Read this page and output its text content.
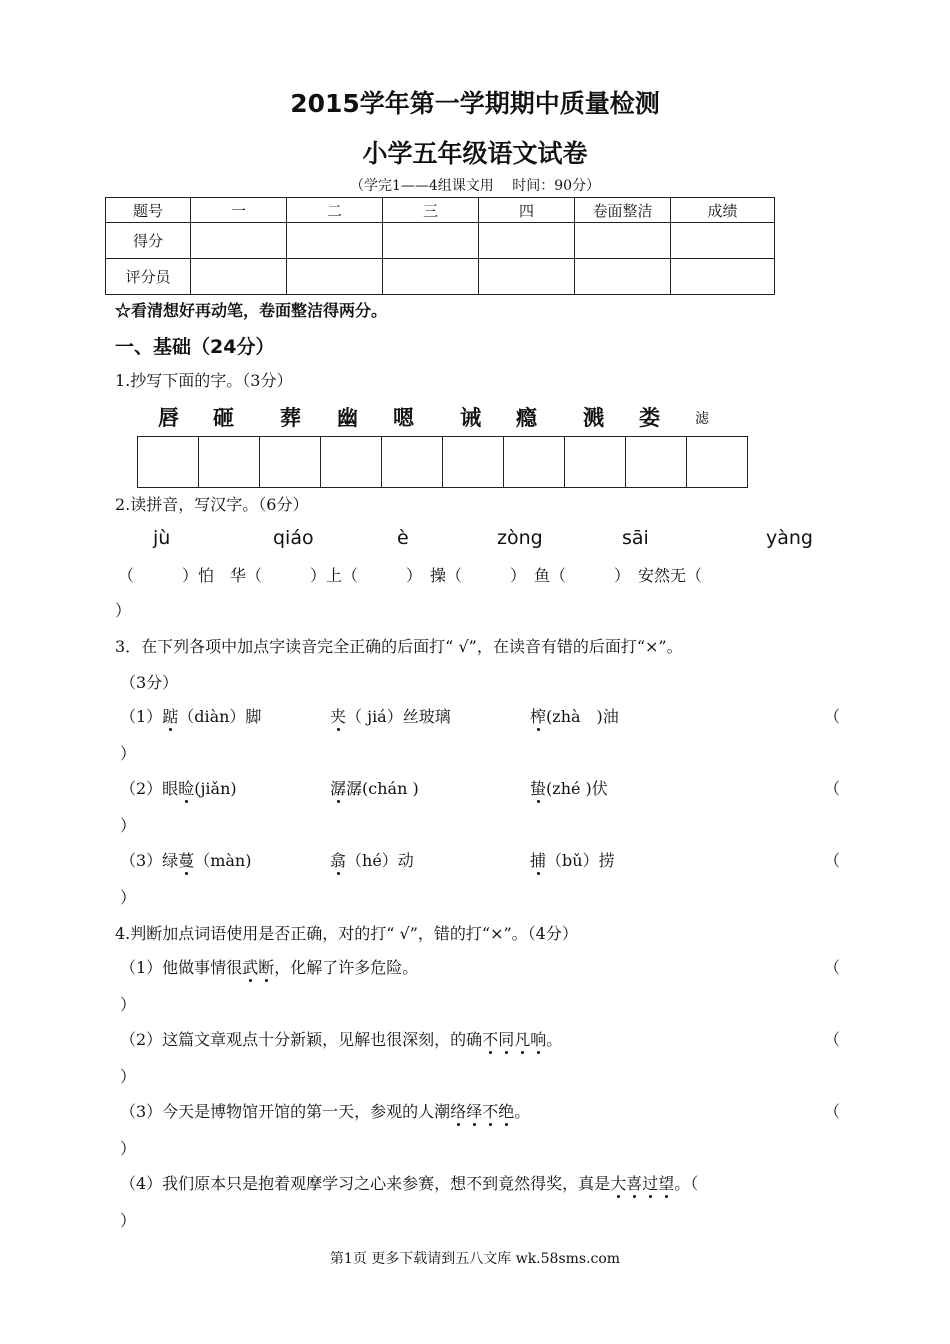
2015学年第一学期期中质量检测
小学五年级语文试卷
（学完1——4组课文用　 时间：90分）
题号	一	二	三	四	卷面整洁	成绩
得分						
评分员						
☆看清想好再动笔，卷面整洁得两分。
一、基础（24分）
1.抄写下面的字。（3分）
唇 砸 葬 幽 嗯 诫 瘾 溅 娄	滤
2.读拼音，写汉字。（6分）
jù	qiáo	è	zòng	sāi	yàng
（　　　）怕　华（　　　）上（　　　）　操（　　　）　鱼（　　　）　安然无（
）
3．在下列各项中加点字读音完全正确的后面打“ √”，在读音有错的后面打“×”。
（3分）
（1）踮（diàn）脚	夹（ jiá）丝玻璃	榨(zhà　)油	（
）
（2）眼睑(jiǎn)	潺潺(chán )	蛰(zhé )伏	（
）
（3）绿蔓（màn)	翕（hé）动	捕（bǔ）捞	（
）
4.判断加点词语使用是否正确，对的打“ √”，错的打“×”。（4分）
（1）他做事情很武断，化解了许多危险。	（
）
（2）这篇文章观点十分新颖，见解也很深刻，的确不同凡响。	（
）
（3）今天是博物馆开馆的第一天，参观的人潮络绎不绝。	（
）
（4）我们原本只是抱着观摩学习之心来参赛，想不到竟然得奖，真是大喜过望。（
）
第1页 更多下载请到五八文库 wk.58sms.com
